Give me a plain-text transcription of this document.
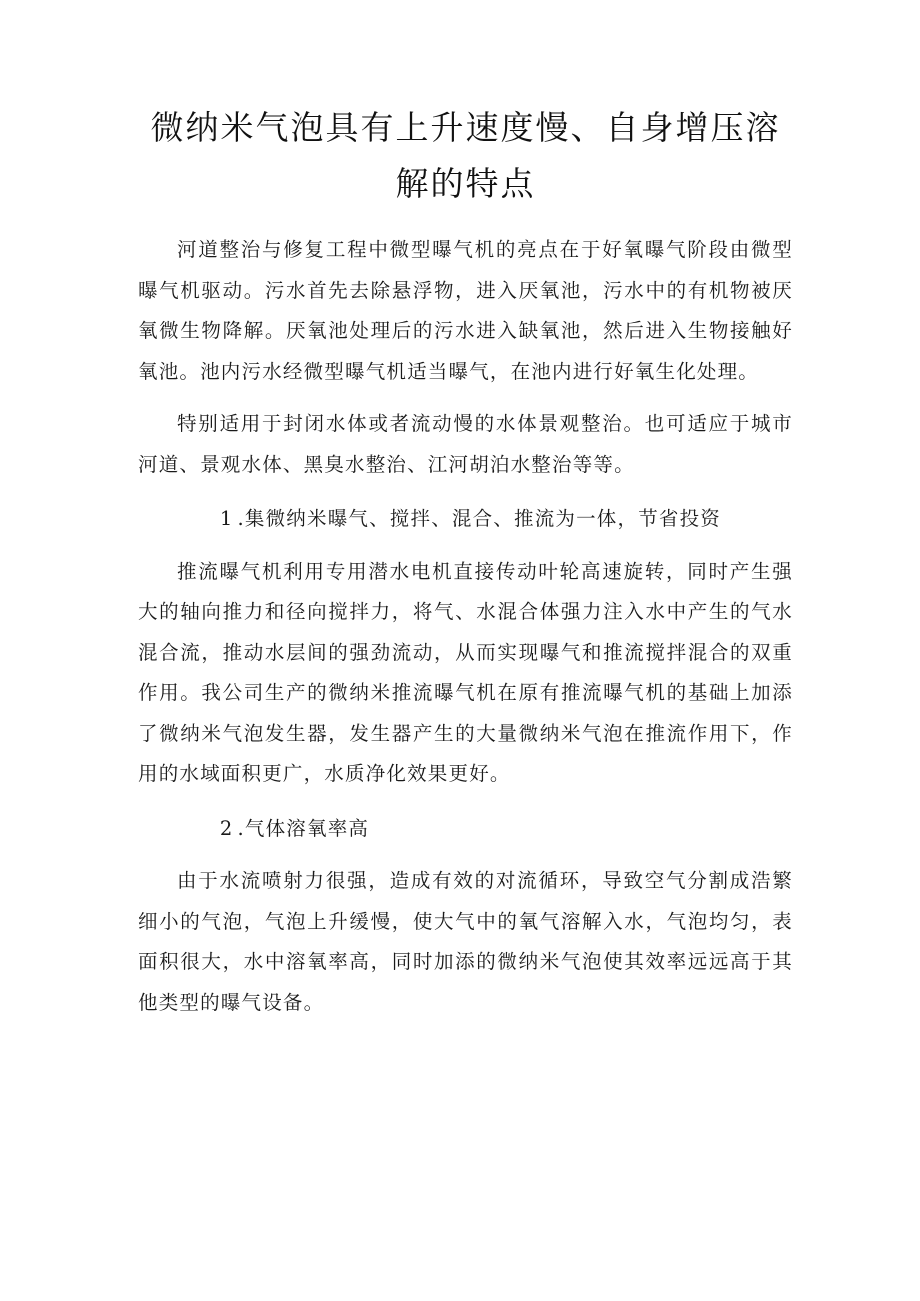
微纳米气泡具有上升速度慢、自身增压溶解的特点

河道整治与修复工程中微型曝气机的亮点在于好氧曝气阶段由微型曝气机驱动。污水首先去除悬浮物，进入厌氧池，污水中的有机物被厌氧微生物降解。厌氧池处理后的污水进入缺氧池，然后进入生物接触好氧池。池内污水经微型曝气机适当曝气，在池内进行好氧生化处理。

特别适用于封闭水体或者流动慢的水体景观整治。也可适应于城市河道、景观水体、黑臭水整治、江河胡泊水整治等等。

1 .集微纳米曝气、搅拌、混合、推流为一体，节省投资

推流曝气机利用专用潜水电机直接传动叶轮高速旋转，同时产生强大的轴向推力和径向搅拌力，将气、水混合体强力注入水中产生的气水混合流，推动水层间的强劲流动，从而实现曝气和推流搅拌混合的双重作用。我公司生产的微纳米推流曝气机在原有推流曝气机的基础上加添了微纳米气泡发生器，发生器产生的大量微纳米气泡在推流作用下，作用的水域面积更广，水质净化效果更好。

2 .气体溶氧率高

由于水流喷射力很强，造成有效的对流循环，导致空气分割成浩繁细小的气泡，气泡上升缓慢，使大气中的氧气溶解入水，气泡均匀，表面积很大，水中溶氧率高，同时加添的微纳米气泡使其效率远远高于其他类型的曝气设备。
